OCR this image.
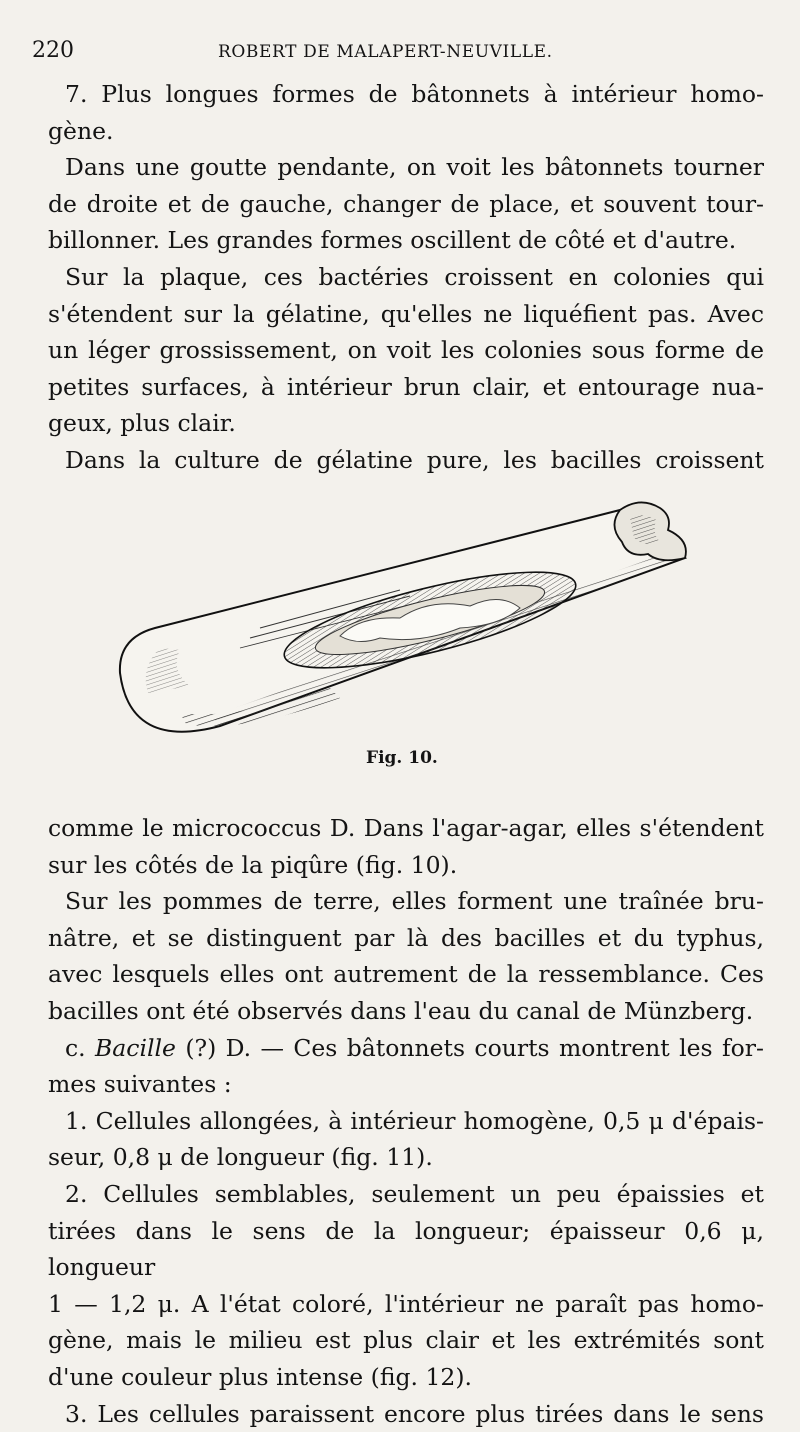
220	ROBERT DE MALAPERT-NEUVILLE.

7. Plus longues formes de bâtonnets à intérieur homo-

gène.

Dans une goutte pendante, on voit les bâtonnets tourner

de droite et de gauche, changer de place, et souvent tour-

billonner. Les grandes formes oscillent de côté et d'autre.

Sur la plaque, ces bactéries croissent en colonies qui

s'étendent sur la gélatine, qu'elles ne liquéfient pas. Avec

un léger grossissement, on voit les colonies sous forme de

petites surfaces, à intérieur brun clair, et entourage nua-

geux, plus clair.

Dans la culture de gélatine pure, les bacilles croissent

Fig. 10.

comme le micrococcus D. Dans l'agar-agar, elles s'étendent

sur les côtés de la piqûre (fig. 10).

Sur les pommes de terre, elles forment une traînée bru-

nâtre, et se distinguent par là des bacilles et du typhus,

avec lesquels elles ont autrement de la ressemblance. Ces

bacilles ont été observés dans l'eau du canal de Münzberg.

c. Bacille (?) D. — Ces bâtonnets courts montrent les for-

mes suivantes :

1. Cellules allongées, à intérieur homogène, 0,5 μ d'épais-

seur, 0,8 μ de longueur (fig. 11).

2. Cellules semblables, seulement un peu épaissies et

tirées dans le sens de la longueur; épaisseur 0,6 μ, longueur

1 — 1,2 μ. A l'état coloré, l'intérieur ne paraît pas homo-

gène, mais le milieu est plus clair et les extrémités sont

d'une couleur plus intense (fig. 12).

3. Les cellules paraissent encore plus tirées dans le sens
